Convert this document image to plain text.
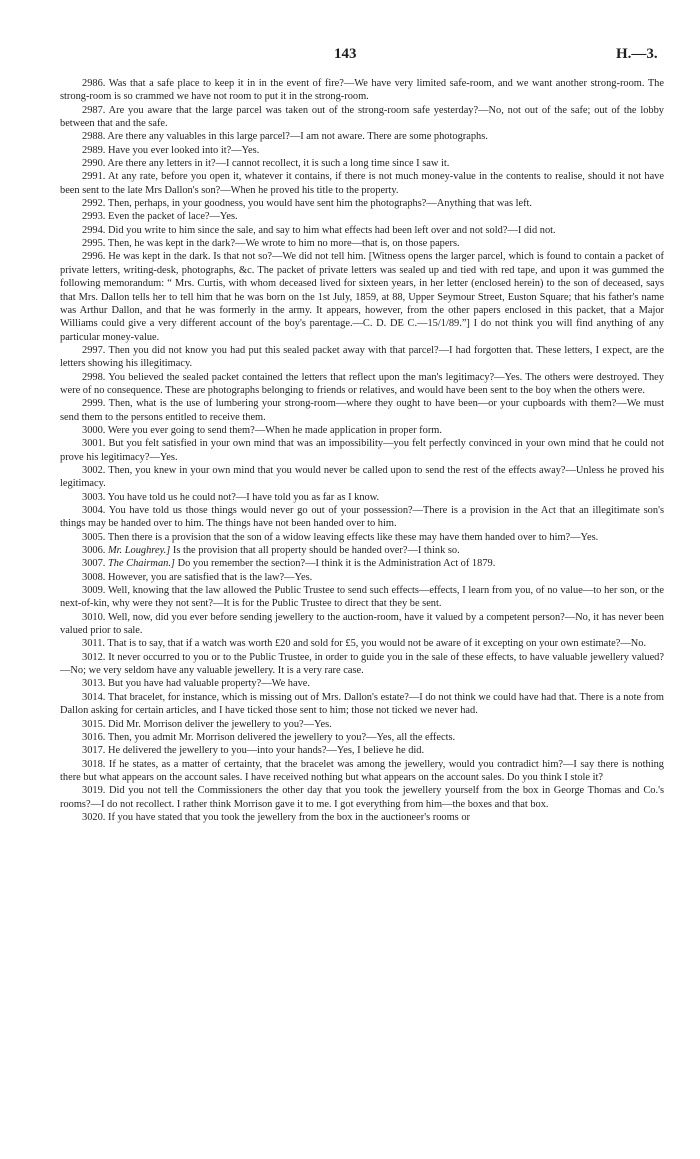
143	H.—3.

2986. Was that a safe place to keep it in in the event of fire?—We have very limited safe-room, and we want another strong-room. The strong-room is so crammed we have not room to put it in the strong-room.

2987. Are you aware that the large parcel was taken out of the strong-room safe yesterday?—No, not out of the safe; out of the lobby between that and the safe.

2988. Are there any valuables in this large parcel?—I am not aware. There are some photographs.

2989. Have you ever looked into it?—Yes.

2990. Are there any letters in it?—I cannot recollect, it is such a long time since I saw it.

2991. At any rate, before you open it, whatever it contains, if there is not much money-value in the contents to realise, should it not have been sent to the late Mrs Dallon's son?—When he proved his title to the property.

2992. Then, perhaps, in your goodness, you would have sent him the photographs?—Anything that was left.

2993. Even the packet of lace?—Yes.

2994. Did you write to him since the sale, and say to him what effects had been left over and not sold?—I did not.

2995. Then, he was kept in the dark?—We wrote to him no more—that is, on those papers.

2996. He was kept in the dark. Is that not so?—We did not tell him. [Witness opens the larger parcel, which is found to contain a packet of private letters, writing-desk, photographs, &c. The packet of private letters was sealed up and tied with red tape, and upon it was gummed the following memorandum: “ Mrs. Curtis, with whom deceased lived for sixteen years, in her letter (enclosed herein) to the son of deceased, says that Mrs. Dallon tells her to tell him that he was born on the 1st July, 1859, at 88, Upper Seymour Street, Euston Square; that his father's name was Arthur Dallon, and that he was formerly in the army. It appears, however, from the other papers enclosed in this packet, that a Major Williams could give a very different account of the boy's parentage.—C. D. DE C.—15/1/89.”] I do not think you will find anything of any particular money-value.

2997. Then you did not know you had put this sealed packet away with that parcel?—I had forgotten that. These letters, I expect, are the letters showing his illegitimacy.

2998. You believed the sealed packet contained the letters that reflect upon the man's legitimacy?—Yes. The others were destroyed. They were of no consequence. These are photographs belonging to friends or relatives, and would have been sent to the boy when the others were.

2999. Then, what is the use of lumbering your strong-room—where they ought to have been—or your cupboards with them?—We must send them to the persons entitled to receive them.

3000. Were you ever going to send them?—When he made application in proper form.

3001. But you felt satisfied in your own mind that was an impossibility—you felt perfectly convinced in your own mind that he could not prove his legitimacy?—Yes.

3002. Then, you knew in your own mind that you would never be called upon to send the rest of the effects away?—Unless he proved his legitimacy.

3003. You have told us he could not?—I have told you as far as I know.

3004. You have told us those things would never go out of your possession?—There is a provision in the Act that an illegitimate son's things may be handed over to him. The things have not been handed over to him.

3005. Then there is a provision that the son of a widow leaving effects like these may have them handed over to him?—Yes.

3006. Mr. Loughrey.] Is the provision that all property should be handed over?—I think so.

3007. The Chairman.] Do you remember the section?—I think it is the Administration Act of 1879.

3008. However, you are satisfied that is the law?—Yes.

3009. Well, knowing that the law allowed the Public Trustee to send such effects—effects, I learn from you, of no value—to her son, or the next-of-kin, why were they not sent?—It is for the Public Trustee to direct that they be sent.

3010. Well, now, did you ever before sending jewellery to the auction-room, have it valued by a competent person?—No, it has never been valued prior to sale.

3011. That is to say, that if a watch was worth £20 and sold for £5, you would not be aware of it excepting on your own estimate?—No.

3012. It never occurred to you or to the Public Trustee, in order to guide you in the sale of these effects, to have valuable jewellery valued?—No; we very seldom have any valuable jewellery. It is a very rare case.

3013. But you have had valuable property?—We have.

3014. That bracelet, for instance, which is missing out of Mrs. Dallon's estate?—I do not think we could have had that. There is a note from Dallon asking for certain articles, and I have ticked those sent to him; those not ticked we never had.

3015. Did Mr. Morrison deliver the jewellery to you?—Yes.

3016. Then, you admit Mr. Morrison delivered the jewellery to you?—Yes, all the effects.

3017. He delivered the jewellery to you—into your hands?—Yes, I believe he did.

3018. If he states, as a matter of certainty, that the bracelet was among the jewellery, would you contradict him?—I say there is nothing there but what appears on the account sales. I have received nothing but what appears on the account sales. Do you think I stole it?

3019. Did you not tell the Commissioners the other day that you took the jewellery yourself from the box in George Thomas and Co.'s rooms?—I do not recollect. I rather think Morrison gave it to me. I got everything from him—the boxes and that box.

3020. If you have stated that you took the jewellery from the box in the auctioneer's rooms or
